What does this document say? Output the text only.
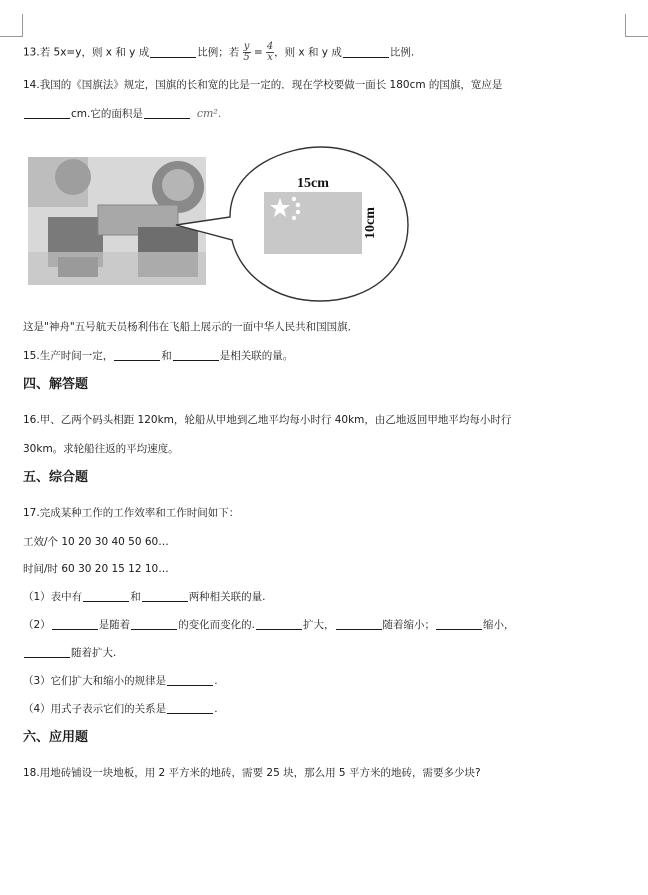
13.若 5x=y，则 x 和 y 成	比例；若 $\frac{y}{5} = \frac{4}{x}$ ，则 x 和 y 成	比例.
14.我国的《国旗法》规定，国旗的长和宽的比是一定的．现在学校要做一面长 180cm 的国旗，宽应是
cm.它的面积是	cm².
15cm
10cm
这是"神舟"五号航天员杨利伟在飞船上展示的一面中华人民共和国国旗．
15.生产时间一定，	和	是相关联的量。
四、解答题
16.甲、乙两个码头相距 120km，轮船从甲地到乙地平均每小时行 40km，由乙地返回甲地平均每小时行
30km。求轮船往返的平均速度。
五、综合题
17.完成某种工作的工作效率和工作时间如下：
工效/个 10 20 30 40 50 60…
时间/时 60 30 20 15 12 10…
（1）表中有	和	两种相关联的量.
（2）	是随着	的变化而变化的.	扩大，	随着缩小；	缩小，
随着扩大.
（3）它们扩大和缩小的规律是	.
（4）用式子表示它们的关系是	.
六、应用题
18.用地砖铺设一块地板，用 2 平方米的地砖，需要 25 块，那么用 5 平方米的地砖，需要多少块?
